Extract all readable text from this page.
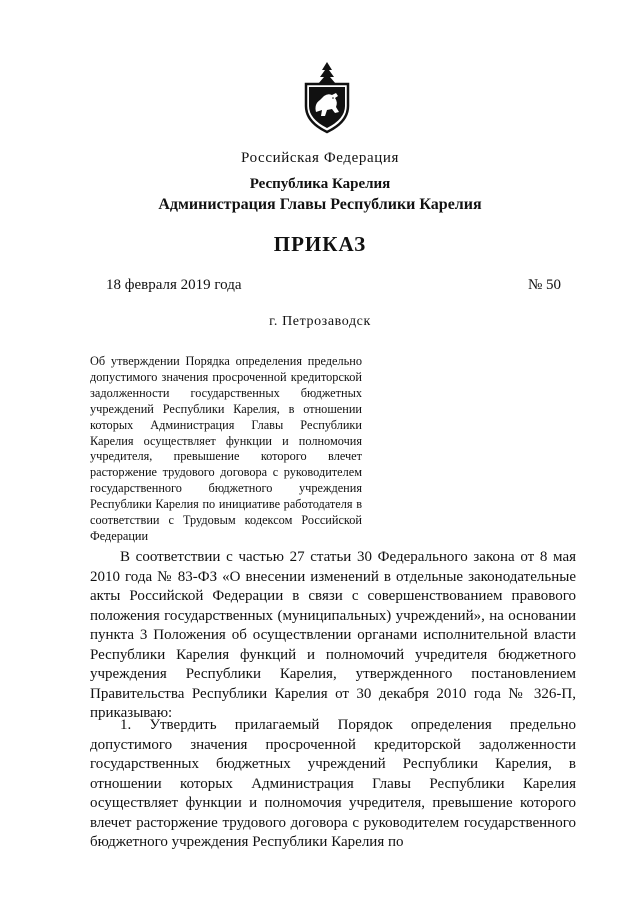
Российская Федерация
Республика Карелия
Администрация Главы Республики Карелия
ПРИКАЗ
18 февраля 2019 года	№ 50
г. Петрозаводск
Об утверждении Порядка определения предельно допустимого значения просроченной кредиторской задолженности государственных бюджетных учреждений Республики Карелия, в отношении которых Администрация Главы Республики Карелия осуществляет функции и полномочия учредителя, превышение которого влечет расторжение трудового договора с руководителем государственного бюджетного учреждения Республики Карелия по инициативе работодателя в соответствии с Трудовым кодексом Российской Федерации
В соответствии с частью 27 статьи 30 Федерального закона от 8 мая 2010 года № 83-ФЗ «О внесении изменений в отдельные законодательные акты Российской Федерации в связи с совершенствованием правового положения государственных (муниципальных) учреждений», на основании пункта 3 Положения об осуществлении органами исполнительной власти Республики Карелия функций и полномочий учредителя бюджетного учреждения Республики Карелия, утвержденного постановлением Правительства Республики Карелия от 30 декабря 2010 года № 326-П, приказываю:
1. Утвердить прилагаемый Порядок определения предельно допустимого значения просроченной кредиторской задолженности государственных бюджетных учреждений Республики Карелия, в отношении которых Администрация Главы Республики Карелия осуществляет функции и полномочия учредителя, превышение которого влечет расторжение трудового договора с руководителем государственного бюджетного учреждения Республики Карелия по
